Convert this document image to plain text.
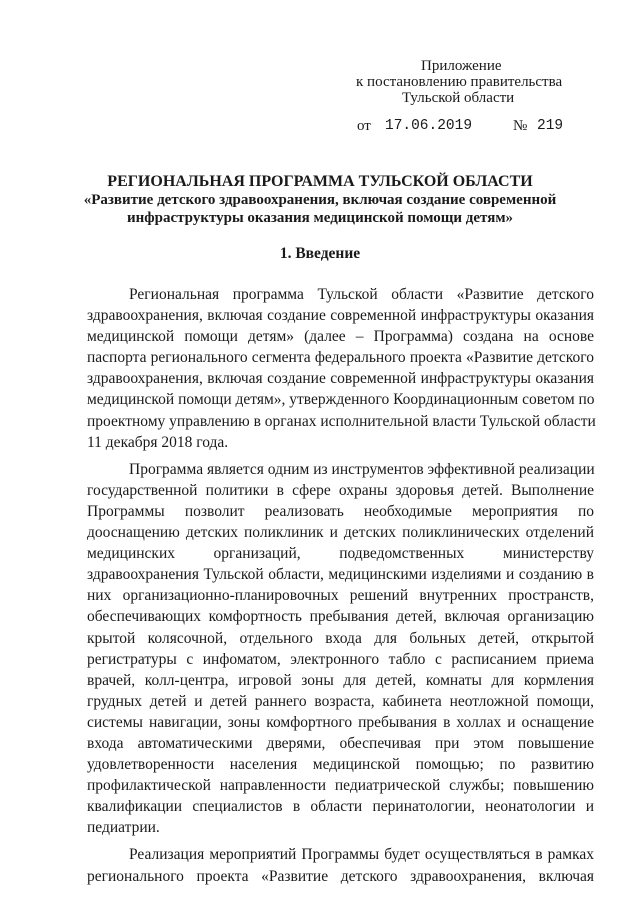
Приложение
к постановлению правительства
Тульской области
от 17.06.2019	№ 219
РЕГИОНАЛЬНАЯ ПРОГРАММА ТУЛЬСКОЙ ОБЛАСТИ
«Развитие детского здравоохранения, включая создание современной
инфраструктуры оказания медицинской помощи детям»
1. Введение
Региональная программа Тульской области «Развитие детского
здравоохранения, включая создание современной инфраструктуры оказания
медицинской помощи детям» (далее – Программа) создана на основе
паспорта регионального сегмента федерального проекта «Развитие детского
здравоохранения, включая создание современной инфраструктуры оказания
медицинской помощи детям», утвержденного Координационным советом по
проектному управлению в органах исполнительной власти Тульской области
11 декабря 2018 года.
Программа является одним из инструментов эффективной реализации
государственной политики в сфере охраны здоровья детей. Выполнение
Программы позволит реализовать необходимые мероприятия по
дооснащению детских поликлиник и детских поликлинических отделений
медицинских организаций, подведомственных министерству
здравоохранения Тульской области, медицинскими изделиями и созданию в
них организационно-планировочных решений внутренних пространств,
обеспечивающих комфортность пребывания детей, включая организацию
крытой колясочной, отдельного входа для больных детей, открытой
регистратуры с инфоматом, электронного табло с расписанием приема
врачей, колл-центра, игровой зоны для детей, комнаты для кормления
грудных детей и детей раннего возраста, кабинета неотложной помощи,
системы навигации, зоны комфортного пребывания в холлах и оснащение
входа автоматическими дверями, обеспечивая при этом повышение
удовлетворенности населения медицинской помощью; по развитию
профилактической направленности педиатрической службы; повышению
квалификации специалистов в области перинатологии, неонатологии и
педиатрии.
Реализация мероприятий Программы будет осуществляться в рамках
регионального проекта «Развитие детского здравоохранения, включая
